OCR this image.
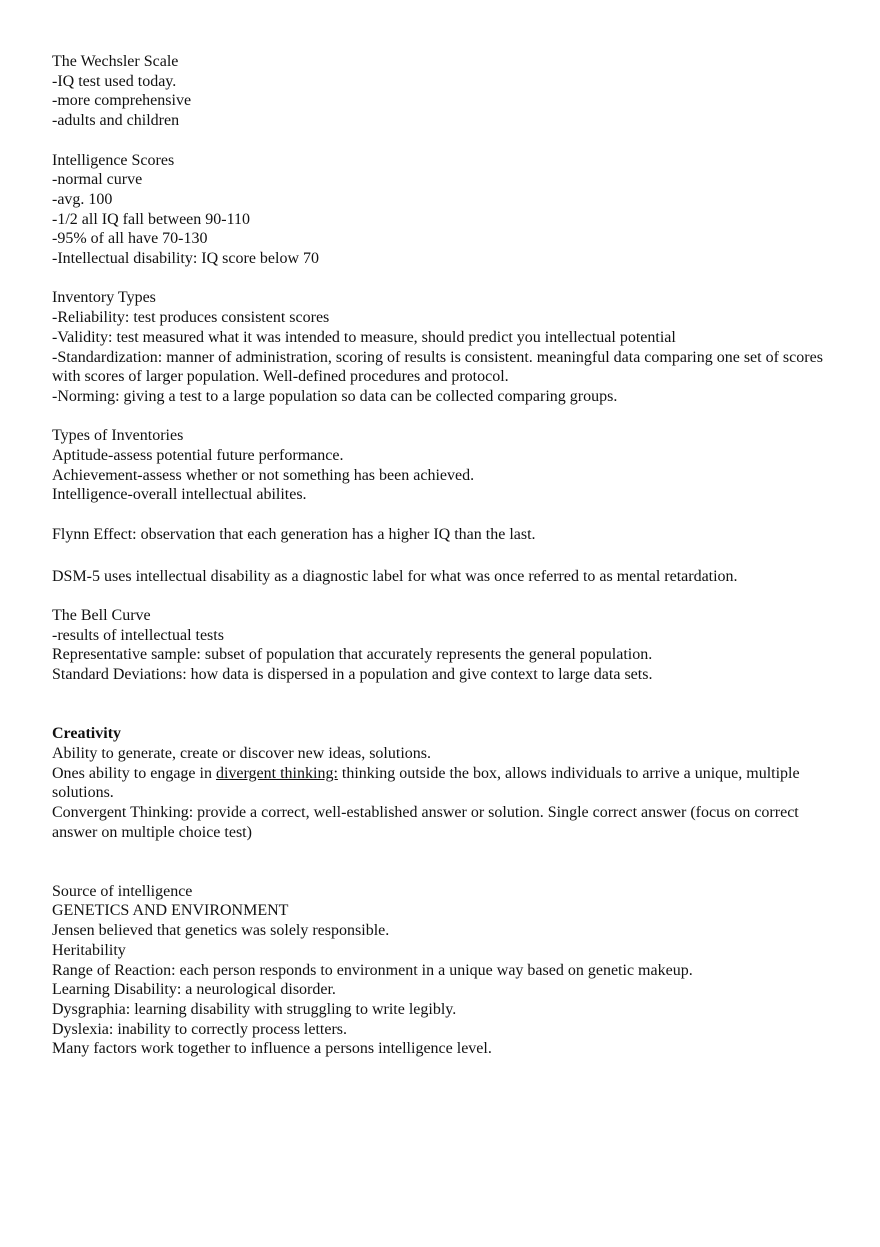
The Wechsler Scale

-IQ test used today.

-more comprehensive

-adults and children

Intelligence Scores

-normal curve

-avg. 100

-1/2 all IQ fall between 90-110

-95% of all have 70-130

-Intellectual disability: IQ score below 70

Inventory Types

-Reliability: test produces consistent scores

-Validity: test measured what it was intended to measure, should predict you intellectual potential

-Standardization: manner of administration, scoring of results is consistent. meaningful data comparing one set of scores with scores of larger population. Well-defined procedures and protocol.

-Norming: giving a test to a large population so data can be collected comparing groups.

Types of Inventories

Aptitude-assess potential future performance.

Achievement-assess whether or not something has been achieved.

Intelligence-overall intellectual abilites.

Flynn Effect: observation that each generation has a higher IQ than the last.

DSM-5 uses intellectual disability as a diagnostic label for what was once referred to as mental retardation.

The Bell Curve

-results of intellectual tests

Representative sample: subset of population that accurately represents the general population.

Standard Deviations: how data is dispersed in a population and give context to large data sets.

Creativity

Ability to generate, create or discover new ideas, solutions.

Ones ability to engage in divergent thinking: thinking outside the box, allows individuals to arrive a unique, multiple solutions.

Convergent Thinking: provide a correct, well-established answer or solution. Single correct answer (focus on correct answer on multiple choice test)

Source of intelligence

GENETICS AND ENVIRONMENT

Jensen believed that genetics was solely responsible.

Heritability

Range of Reaction: each person responds to environment in a unique way based on genetic makeup.

Learning Disability: a neurological disorder.

Dysgraphia: learning disability with struggling to write legibly.

Dyslexia: inability to correctly process letters.

Many factors work together to influence a persons intelligence level.
